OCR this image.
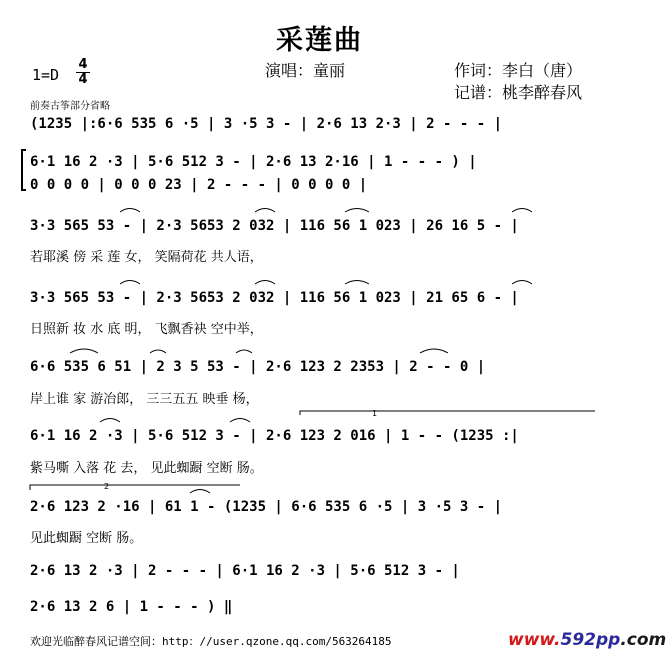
采莲曲
演唱：童丽	作词：李白（唐）
记谱：桃李醉春风
1=D
4
4
前奏古筝部分省略
(1235 |:6·6 535 6 ·5 | 3 ·5 3 - | 2·6 13 2·3 | 2 - - - |
6·1 16 2 ·3 | 5·6 512 3 - | 2·6 13 2·16 | 1 - - - ) |
0 0 0 0 | 0 0 0 23 | 2 - - - | 0 0 0 0 |
3·3 565 53 - | 2·3 5653 2 032 | 116 56 1 023 | 26 16 5 - |
若耶溪 傍 采 莲 女， 笑隔荷花 共人语，
3·3 565 53 - | 2·3 5653 2 032 | 116 56 1 023 | 21 65 6 - |
日照新 妆 水 底 明， 飞飘香袂 空中举，
6·6 535 6 51 | 2 3 5 53 - | 2·6 123 2 2353 | 2 - - 0 |
岸上谁 家 游冶郎， 三三五五 映垂 杨，
6·1 16 2 ·3 | 5·6 512 3 - | 2·6 123 2 016 | 1 - - (1235 :|
紫马嘶 入落 花 去， 见此蜘蹰 空断 肠。
2·6 123 2 ·16 | 61 1 - (1235 | 6·6 535 6 ·5 | 3 ·5 3 - |
见此蜘蹰 空断 肠。
2·6 13 2 ·3 | 2 - - - | 6·1 16 2 ·3 | 5·6 512 3 - |
2·6 13 2 6 | 1 - - - ) ‖
1
2
欢迎光临醉春风记谱空间：http：//user.qzone.qq.com/563264185	www.592pp.com
